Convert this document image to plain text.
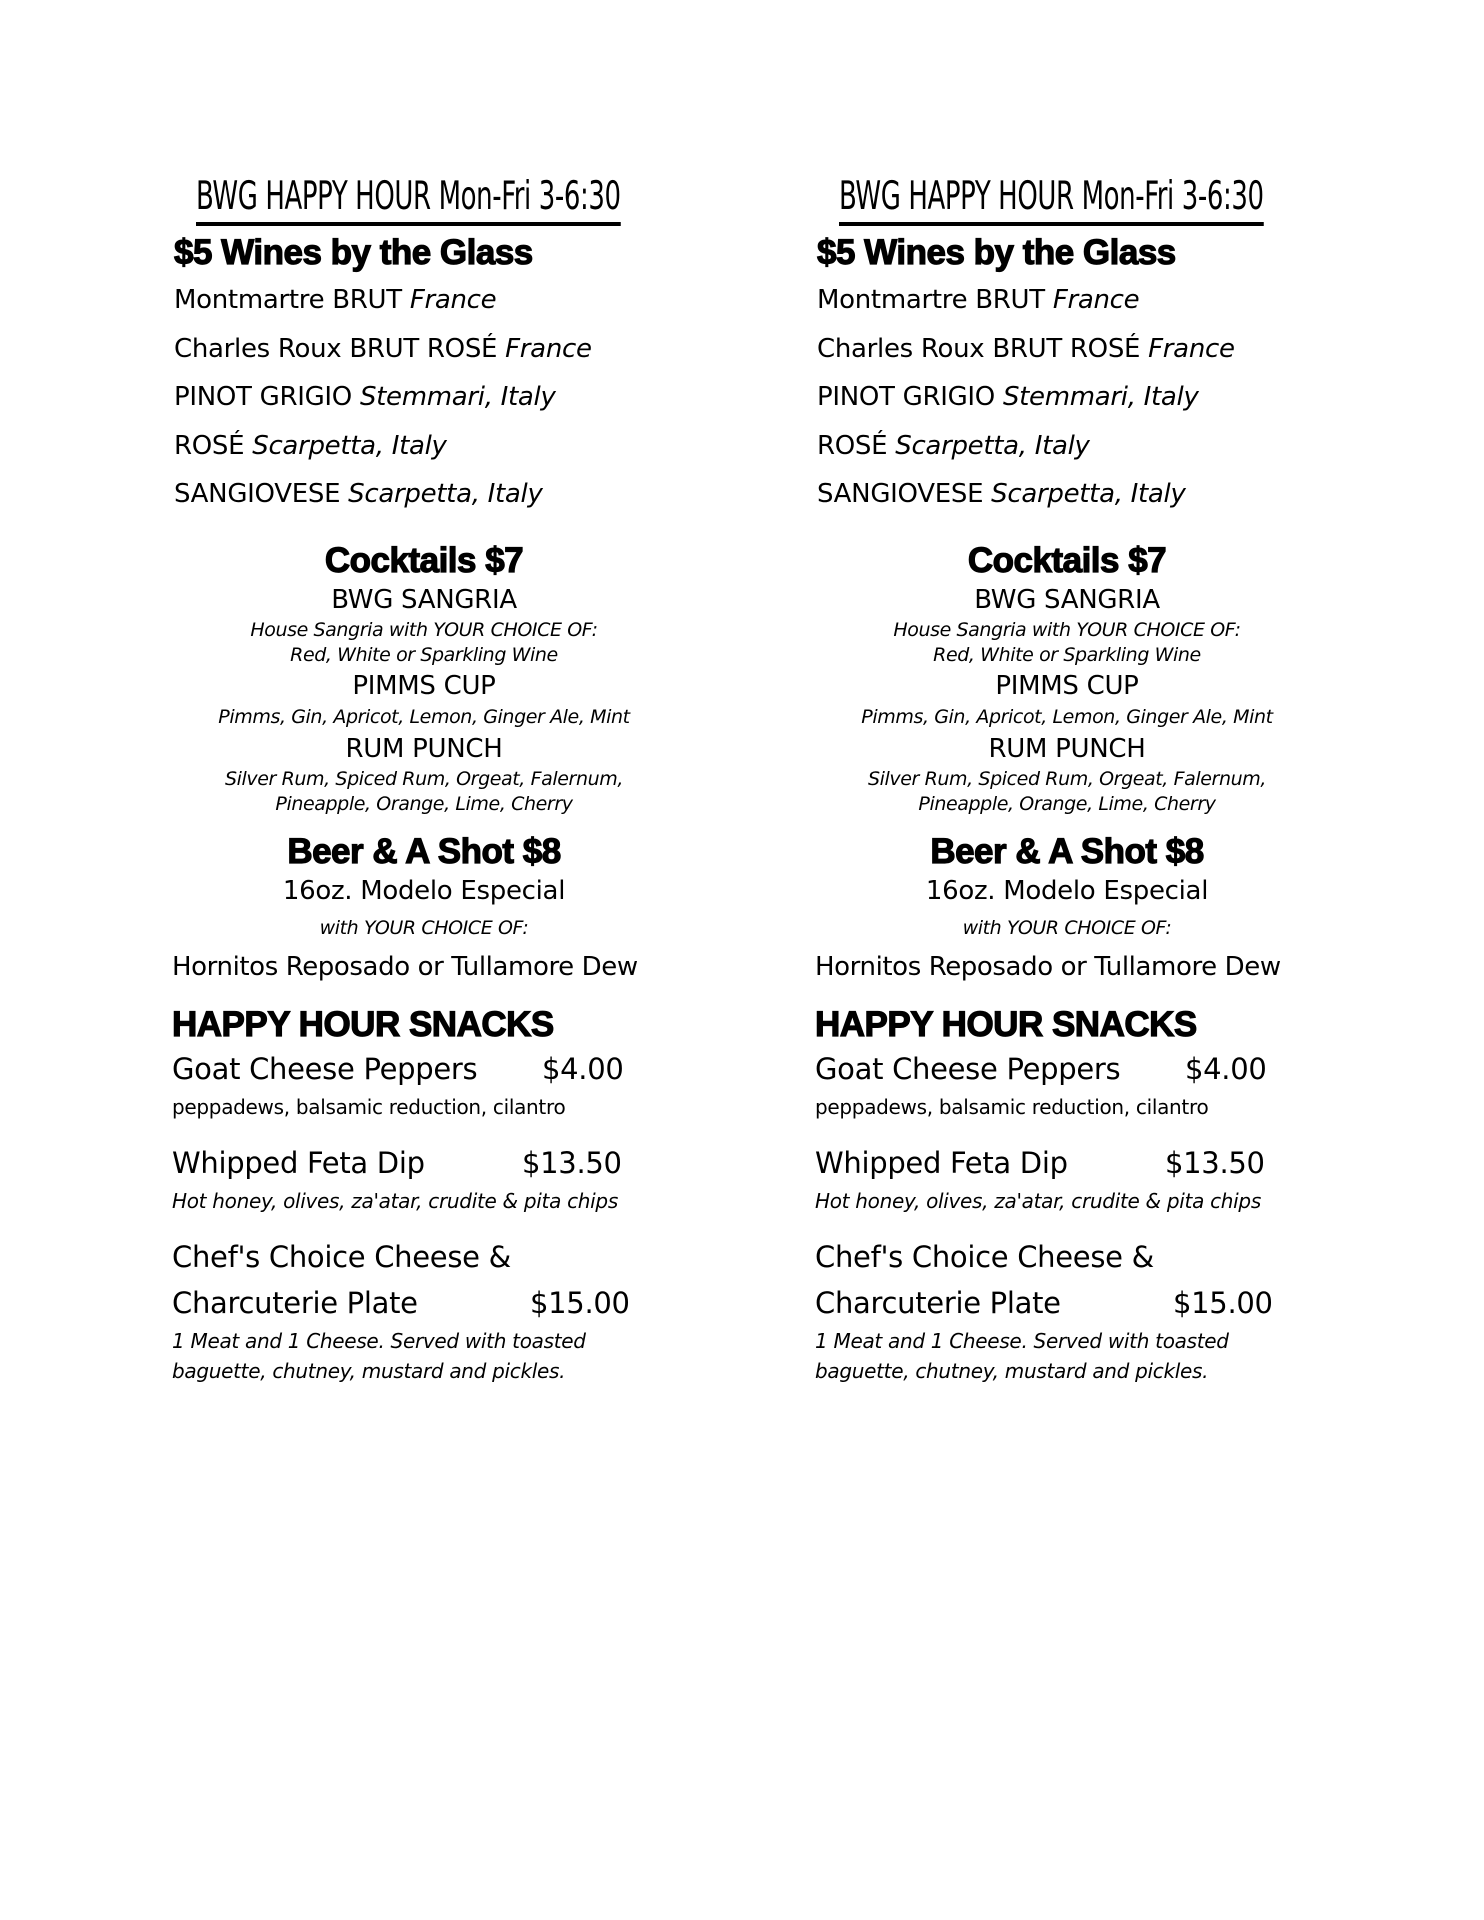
BWG HAPPY HOUR Mon-Fri 3-6:30
$5 Wines by the Glass
Montmartre BRUT France
Charles Roux BRUT ROSÉ France
PINOT GRIGIO Stemmari, Italy
ROSÉ Scarpetta, Italy
SANGIOVESE Scarpetta, Italy
Cocktails $7
BWG SANGRIA
House Sangria with YOUR CHOICE OF:
Red, White or Sparkling Wine
PIMMS CUP
Pimms, Gin, Apricot, Lemon, Ginger Ale, Mint
RUM PUNCH
Silver Rum, Spiced Rum, Orgeat, Falernum,
Pineapple, Orange, Lime, Cherry
Beer & A Shot $8
16oz. Modelo Especial
with YOUR CHOICE OF:
Hornitos Reposado or Tullamore Dew
HAPPY HOUR SNACKS
Goat Cheese Peppers $4.00
peppadews, balsamic reduction, cilantro
Whipped Feta Dip	$13.50
Hot honey, olives, za'atar, crudite & pita chips
Chef's Choice Cheese &
Charcuterie Plate	$15.00
1 Meat and 1 Cheese. Served with toasted
baguette, chutney, mustard and pickles.
BWG HAPPY HOUR Mon-Fri 3-6:30
$5 Wines by the Glass
Montmartre BRUT France
Charles Roux BRUT ROSÉ France
PINOT GRIGIO Stemmari, Italy
ROSÉ Scarpetta, Italy
SANGIOVESE Scarpetta, Italy
Cocktails $7
BWG SANGRIA
House Sangria with YOUR CHOICE OF:
Red, White or Sparkling Wine
PIMMS CUP
Pimms, Gin, Apricot, Lemon, Ginger Ale, Mint
RUM PUNCH
Silver Rum, Spiced Rum, Orgeat, Falernum,
Pineapple, Orange, Lime, Cherry
Beer & A Shot $8
16oz. Modelo Especial
with YOUR CHOICE OF:
Hornitos Reposado or Tullamore Dew
HAPPY HOUR SNACKS
Goat Cheese Peppers $4.00
peppadews, balsamic reduction, cilantro
Whipped Feta Dip	$13.50
Hot honey, olives, za'atar, crudite & pita chips
Chef's Choice Cheese &
Charcuterie Plate	$15.00
1 Meat and 1 Cheese. Served with toasted
baguette, chutney, mustard and pickles.
